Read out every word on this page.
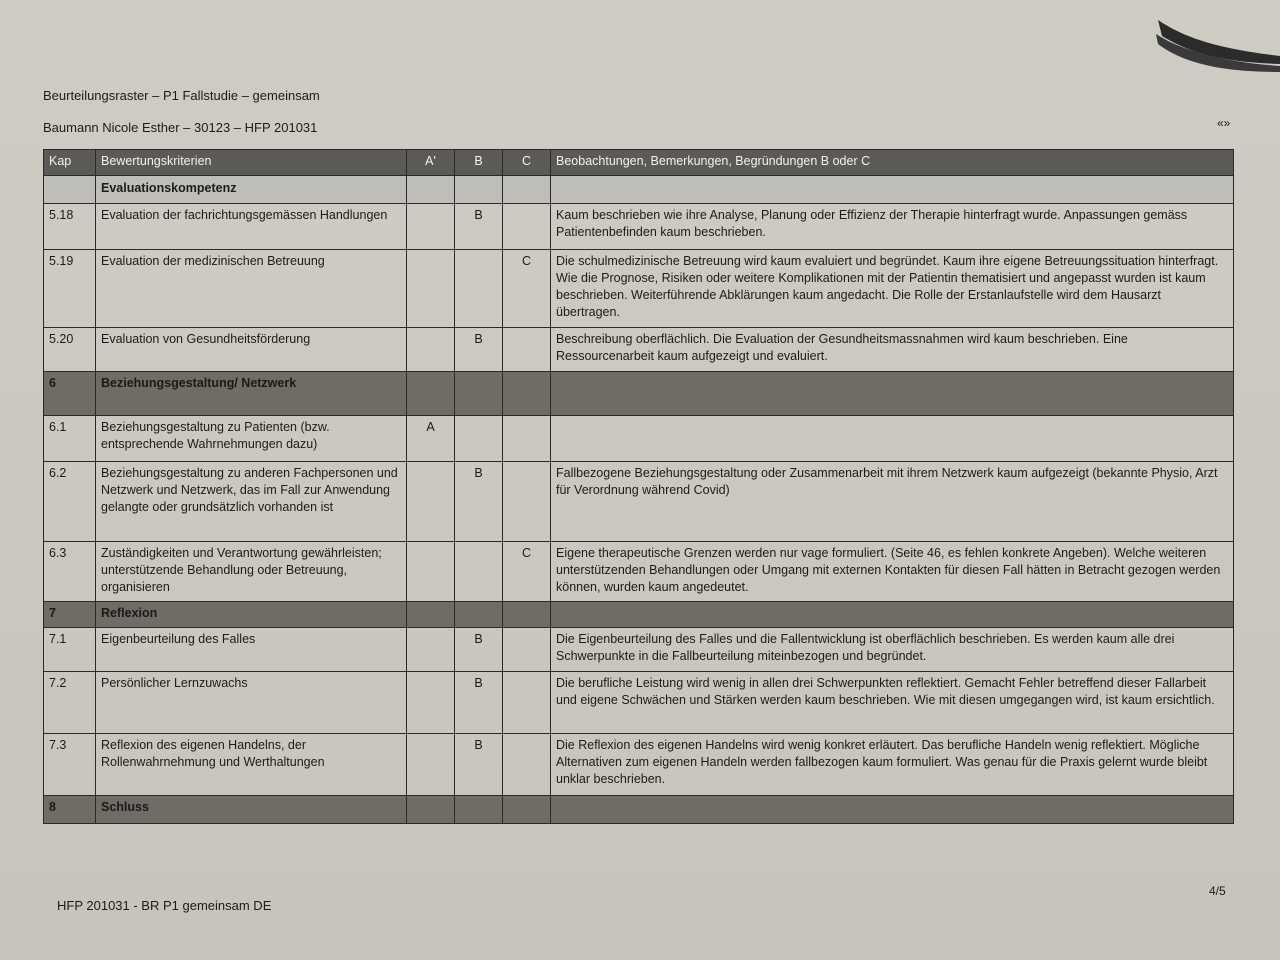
Beurteilungsraster – P1 Fallstudie – gemeinsam
Baumann Nicole Esther – 30123 – HFP 201031	«»
Kap	Bewertungskriterien	A'	B	C	Beobachtungen, Bemerkungen, Begründungen B oder C
	Evaluationskompetenz				
5.18	Evaluation der fachrichtungsgemässen Handlungen		B		Kaum beschrieben wie ihre Analyse, Planung oder Effizienz der Therapie hinterfragt wurde. Anpassungen gemäss Patientenbefinden kaum beschrieben.
5.19	Evaluation der medizinischen Betreuung			C	Die schulmedizinische Betreuung wird kaum evaluiert und begründet. Kaum ihre eigene Betreuungssituation hinterfragt. Wie die Prognose, Risiken oder weitere Komplikationen mit der Patientin thematisiert und angepasst wurden ist kaum beschrieben. Weiterführende Abklärungen kaum angedacht. Die Rolle der Erstanlaufstelle wird dem Hausarzt übertragen.
5.20	Evaluation von Gesundheitsförderung		B		Beschreibung oberflächlich. Die Evaluation der Gesundheitsmassnahmen wird kaum beschrieben. Eine Ressourcenarbeit kaum aufgezeigt und evaluiert.
6	Beziehungsgestaltung/ Netzwerk				
6.1	Beziehungsgestaltung zu Patienten (bzw. entsprechende Wahrnehmungen dazu)	A			
6.2	Beziehungsgestaltung zu anderen Fachpersonen und Netzwerk und Netzwerk, das im Fall zur Anwendung gelangte oder grundsätzlich vorhanden ist		B		Fallbezogene Beziehungsgestaltung oder Zusammenarbeit mit ihrem Netzwerk kaum aufgezeigt (bekannte Physio, Arzt für Verordnung während Covid)
6.3	Zuständigkeiten und Verantwortung gewährleisten; unterstützende Behandlung oder Betreuung, organisieren			C	Eigene therapeutische Grenzen werden nur vage formuliert. (Seite 46, es fehlen konkrete Angeben). Welche weiteren unterstützenden Behandlungen oder Umgang mit externen Kontakten für diesen Fall hätten in Betracht gezogen werden können, wurden kaum angedeutet.
7	Reflexion				
7.1	Eigenbeurteilung des Falles		B		Die Eigenbeurteilung des Falles und die Fallentwicklung ist oberflächlich beschrieben. Es werden kaum alle drei Schwerpunkte in die Fallbeurteilung miteinbezogen und begründet.
7.2	Persönlicher Lernzuwachs		B		Die berufliche Leistung wird wenig in allen drei Schwerpunkten reflektiert. Gemacht Fehler betreffend dieser Fallarbeit und eigene Schwächen und Stärken werden kaum beschrieben. Wie mit diesen umgegangen wird, ist kaum ersichtlich.
7.3	Reflexion des eigenen Handelns, der Rollenwahrnehmung und Werthaltungen		B		Die Reflexion des eigenen Handelns wird wenig konkret erläutert. Das berufliche Handeln wenig reflektiert. Mögliche Alternativen zum eigenen Handeln werden fallbezogen kaum formuliert. Was genau für die Praxis gelernt wurde bleibt unklar beschrieben.
8	Schluss				
HFP 201031 - BR P1 gemeinsam DE
4/5
